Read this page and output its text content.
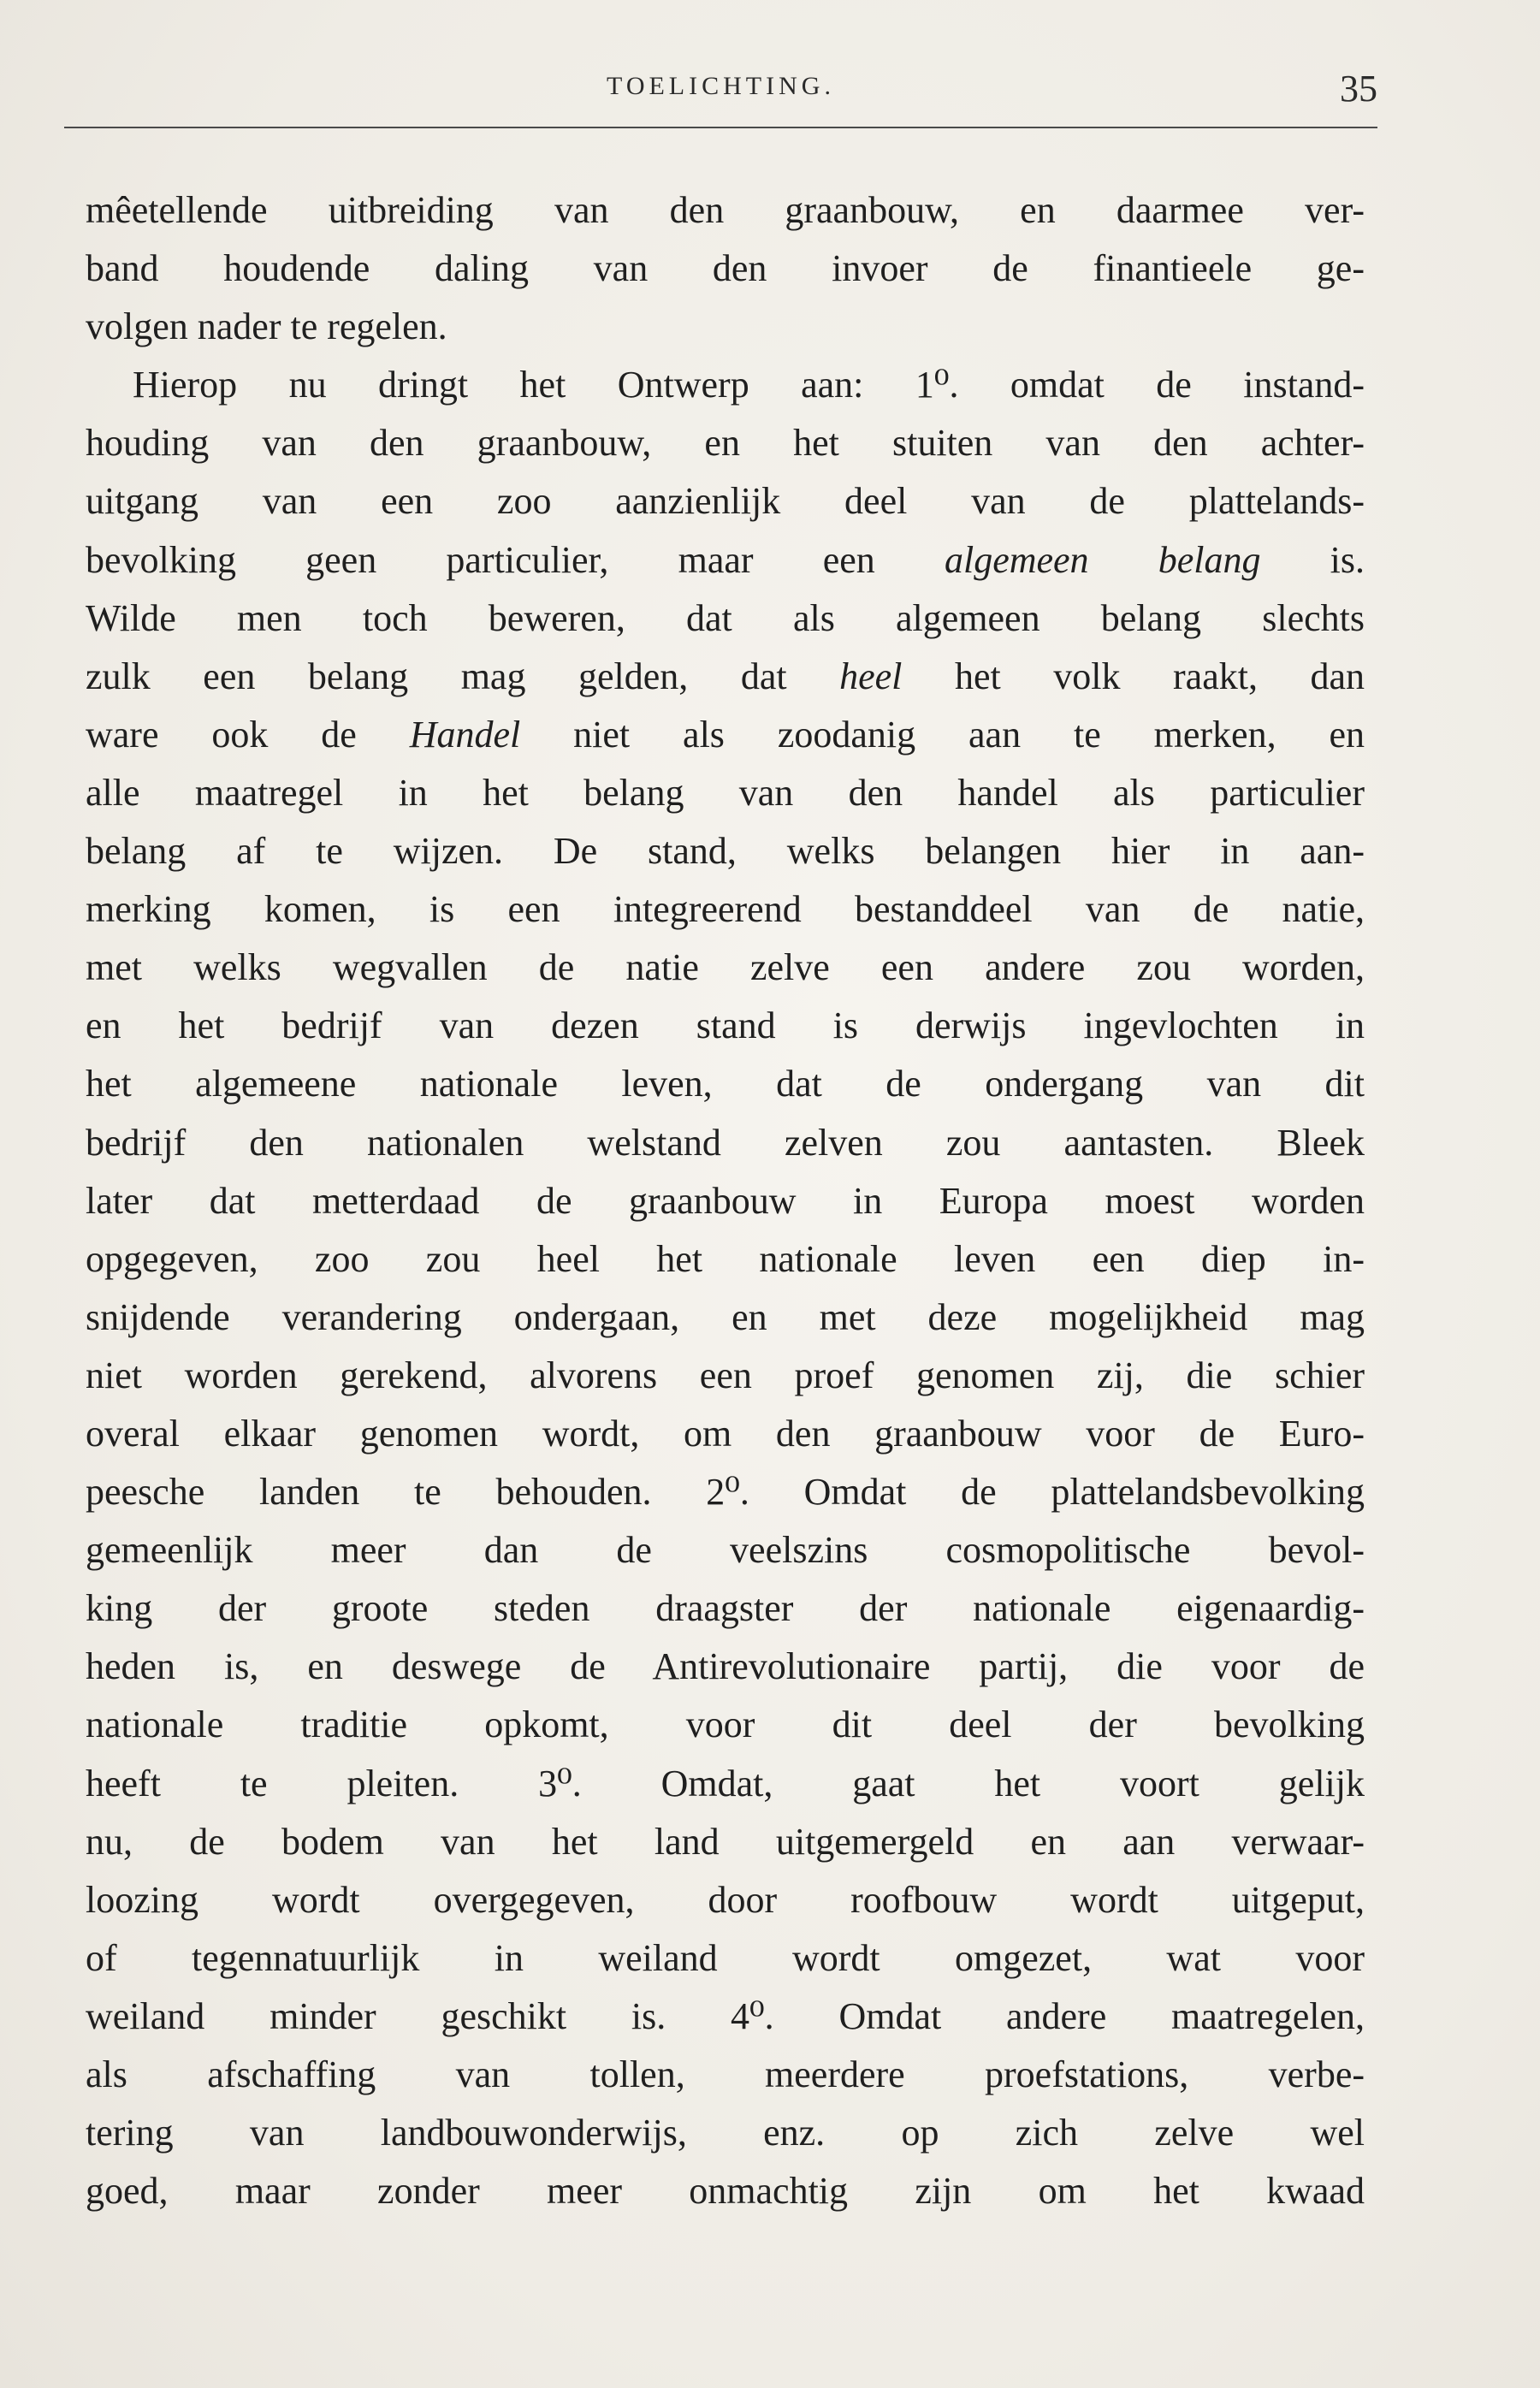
TOELICHTING.	35
mêetellende uitbreiding van den graanbouw, en daarmee ver-
band houdende daling van den invoer de finantieele ge-
volgen nader te regelen.
Hierop nu dringt het Ontwerp aan: 1⁰. omdat de instand-
houding van den graanbouw, en het stuiten van den achter-
uitgang van een zoo aanzienlijk deel van de plattelands-
bevolking geen particulier, maar een algemeen belang is.
Wilde men toch beweren, dat als algemeen belang slechts
zulk een belang mag gelden, dat heel het volk raakt, dan
ware ook de Handel niet als zoodanig aan te merken, en
alle maatregel in het belang van den handel als particulier
belang af te wijzen. De stand, welks belangen hier in aan-
merking komen, is een integreerend bestanddeel van de natie,
met welks wegvallen de natie zelve een andere zou worden,
en het bedrijf van dezen stand is derwijs ingevlochten in
het algemeene nationale leven, dat de ondergang van dit
bedrijf den nationalen welstand zelven zou aantasten. Bleek
later dat metterdaad de graanbouw in Europa moest worden
opgegeven, zoo zou heel het nationale leven een diep in-
snijdende verandering ondergaan, en met deze mogelijkheid mag
niet worden gerekend, alvorens een proef genomen zij, die schier
overal elkaar genomen wordt, om den graanbouw voor de Euro-
peesche landen te behouden. 2⁰. Omdat de plattelandsbevolking
gemeenlijk meer dan de veelszins cosmopolitische bevol-
king der groote steden draagster der nationale eigenaardig-
heden is, en deswege de Antirevolutionaire partij, die voor de
nationale traditie opkomt, voor dit deel der bevolking
heeft te pleiten. 3⁰. Omdat, gaat het voort gelijk
nu, de bodem van het land uitgemergeld en aan verwaar-
loozing wordt overgegeven, door roofbouw wordt uitgeput,
of tegennatuurlijk in weiland wordt omgezet, wat voor
weiland minder geschikt is. 4⁰. Omdat andere maatregelen,
als afschaffing van tollen, meerdere proefstations, verbe-
tering van landbouwonderwijs, enz. op zich zelve wel
goed, maar zonder meer onmachtig zijn om het kwaad
